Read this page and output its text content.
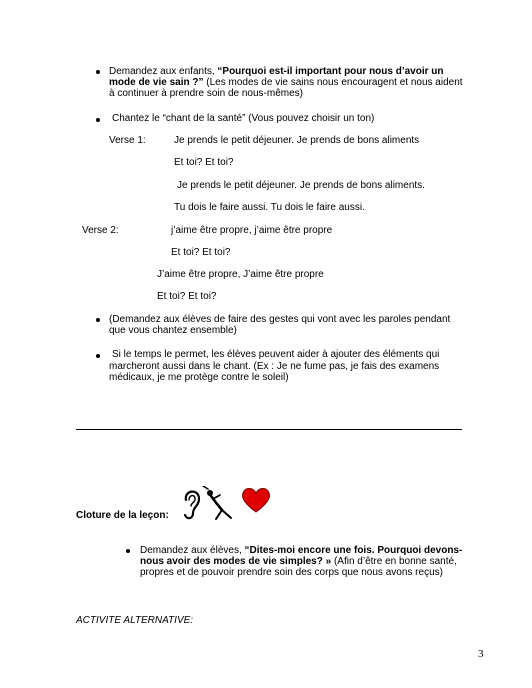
Demandez aux enfants, “Pourquoi est-il important pour nous d’avoir un
mode de vie sain ?” (Les modes de vie sains nous encouragent et nous aident
à continuer à prendre soin de nous-mêmes)
Chantez le “chant de la santé” (Vous pouvez choisir un ton)
Verse 1:	Je prends le petit déjeuner. Je prends de bons aliments
Et toi? Et toi?
Je prends le petit déjeuner. Je prends de bons aliments.
Tu dois le faire aussi. Tu dois le faire aussi.
Verse 2:	j’aime être propre, j’aime être propre
Et toi? Et toi?
J’aime être propre, J’aime être propre
Et toi? Et toi?
(Demandez aux élèves de faire des gestes qui vont avec les paroles pendant
que vous chantez ensemble)
Si le temps le permet, les élèves peuvent aider à ajouter des éléments qui
marcheront aussi dans le chant. (Ex : Je ne fume pas, je fais des examens
médicaux, je me protège contre le soleil)
Cloture de la leçon:
Demandez aux élèves, “Dites-moi encore une fois. Pourquoi devons-
nous avoir des modes de vie simples? » (Afin d’être en bonne santé,
propres et de pouvoir prendre soin des corps que nous avons reçus)
ACTIVITE ALTERNATIVE:
3
